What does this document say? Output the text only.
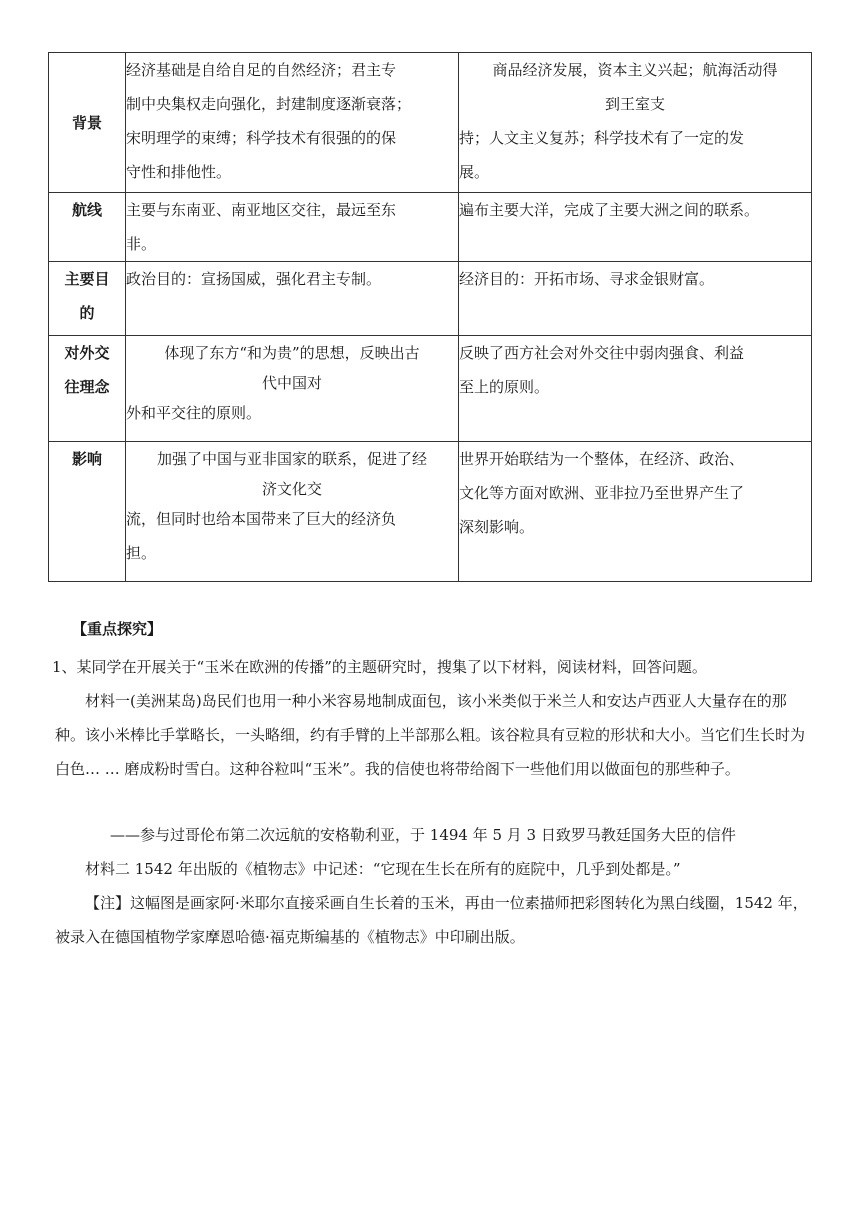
背景	经济基础是自给自足的自然经济；君主专
制中央集权走向强化，封建制度逐渐衰落；
宋明理学的束缚；科学技术有很强的的保
守性和排他性。	商品经济发展，资本主义兴起；航海活动得
到王室支
持；人文主义复苏；科学技术有了一定的发
展。

航线	主要与东南亚、南亚地区交往，最远至东
非。	遍布主要大洋，完成了主要大洲之间的联系。

主要目
的	政治目的：宣扬国威，强化君主专制。	经济目的：开拓市场、寻求金银财富。

对外交
往理念	体现了东方“和为贵”的思想，反映出古
代中国对
外和平交往的原则。	反映了西方社会对外交往中弱肉强食、利益
至上的原则。

影响	加强了中国与亚非国家的联系，促进了经
济文化交
流，但同时也给本国带来了巨大的经济负
担。	世界开始联结为一个整体，在经济、政治、
文化等方面对欧洲、亚非拉乃至世界产生了
深刻影响。
【重点探究】
1、某同学在开展关于“玉米在欧洲的传播”的主题研究时，搜集了以下材料，阅读材料，回答问题。
材料一(美洲某岛)岛民们也用一种小米容易地制成面包，该小米类似于米兰人和安达卢西亚人大量存在的那种。该小米棒比手掌略长，一头略细，约有手臂的上半部那么粗。该谷粒具有豆粒的形状和大小。当它们生长时为白色… … 磨成粉时雪白。这种谷粒叫“玉米”。我的信使也将带给阁下一些他们用以做面包的那些种子。
——参与过哥伦布第二次远航的安格勒利亚，于 1494 年 5 月 3 日致罗马教廷国务大臣的信件
材料二 1542 年出版的《植物志》中记述：“它现在生长在所有的庭院中，几乎到处都是。”
【注】这幅图是画家阿·米耶尔直接采画自生长着的玉米，再由一位素描师把彩图转化为黑白线圈，1542 年，被录入在德国植物学家摩恩哈德·福克斯编基的《植物志》中印刷出版。
